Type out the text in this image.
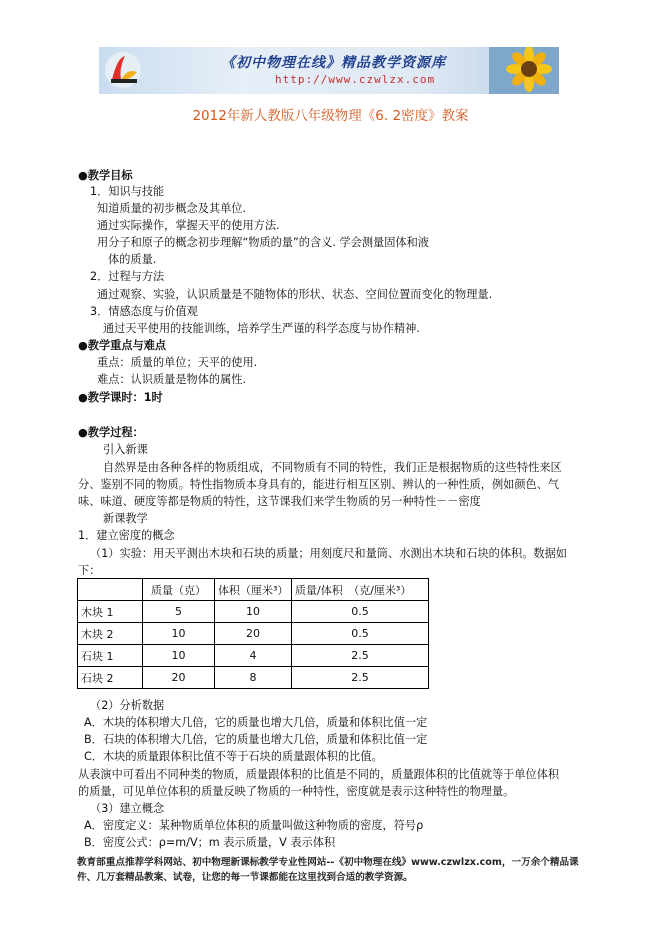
《初中物理在线》精品教学资源库
http://www.czwlzx.com
2012年新人教版八年级物理《6. 2密度》教案
●教学目标
1．知识与技能
知道质量的初步概念及其单位.
通过实际操作，掌握天平的使用方法.
用分子和原子的概念初步理解“物质的量”的含义. 学会测量固体和液
体的质量.
2．过程与方法
通过观察、实验，认识质量是不随物体的形状、状态、空间位置而变化的物理量.
3．情感态度与价值观
通过天平使用的技能训练，培养学生严谨的科学态度与协作精神.
●教学重点与难点
重点：质量的单位；天平的使用.
难点：认识质量是物体的属性.
●教学课时：1时
●教学过程：
引入新课
自然界是由各种各样的物质组成，不同物质有不同的特性，我们正是根据物质的这些特性来区
分、鉴别不同的物质。特性指物质本身具有的，能进行相互区别、辨认的一种性质，例如颜色、气
味、味道、硬度等都是物质的特性，这节课我们来学生物质的另一种特性－－密度
新课教学
1．建立密度的概念
（1）实验：用天平测出木块和石块的质量；用刻度尺和量筒、水测出木块和石块的体积。数据如
下：
	质量（克）	体积（厘米³）	质量/体积　（克/厘米³）
木块 1	5	10	0.5
木块 2	10	20	0.5
石块 1	10	4	2.5
石块 2	20	8	2.5
（2）分析数据
A．木块的体积增大几倍，它的质量也增大几倍，质量和体积比值一定
B．石块的体积增大几倍，它的质量也增大几倍，质量和体积比值一定
C．木块的质量跟体积比值不等于石块的质量跟体积的比值。
从表演中可看出不同种类的物质，质量跟体积的比值是不同的，质量跟体积的比值就等于单位体积
的质量，可见单位体积的质量反映了物质的一种特性，密度就是表示这种特性的物理量。
（3）建立概念
A．密度定义：某种物质单位体积的质量叫做这种物质的密度，符号ρ
B．密度公式：ρ=m/V；m 表示质量，V 表示体积
教育部重点推荐学科网站、初中物理新课标教学专业性网站--《初中物理在线》www.czwlzx.com，一万余个精品课件、几万套精品教案、试卷，让您的每一节课都能在这里找到合适的教学资源。
